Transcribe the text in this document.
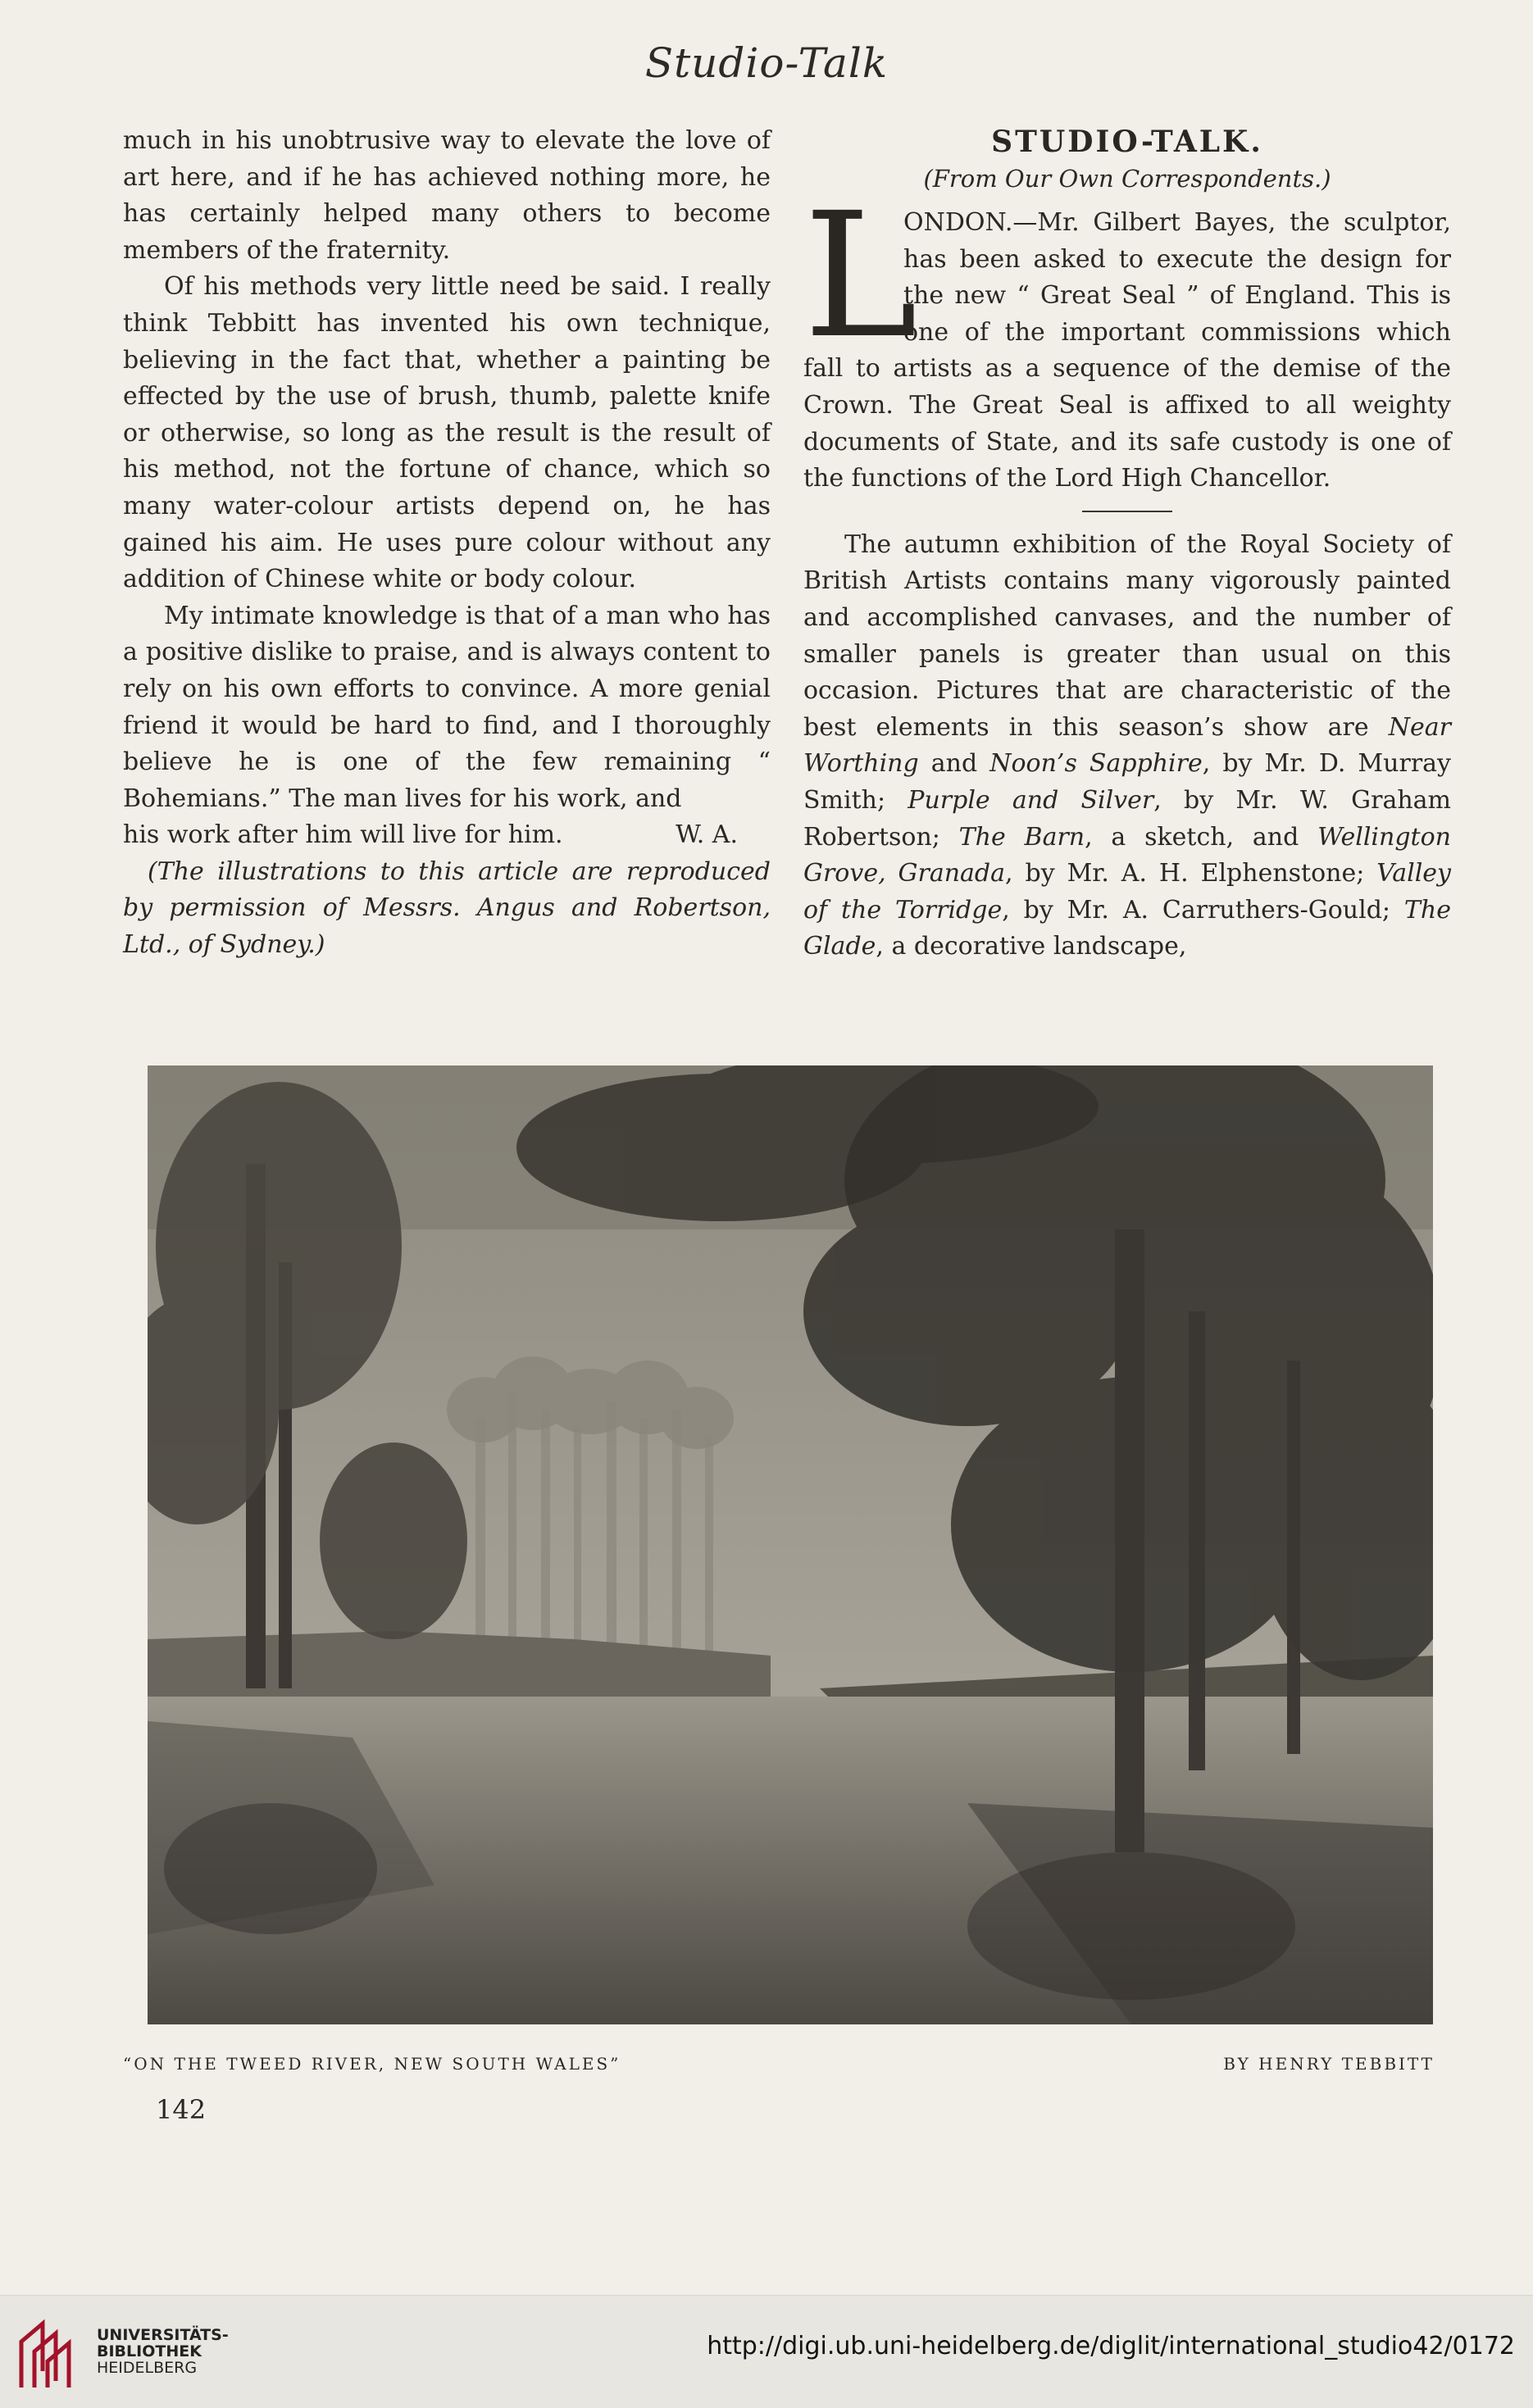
Studio-Talk

much in his unobtrusive way to elevate the love of art here, and if he has achieved nothing more, he has certainly helped many others to become members of the fraternity.

Of his methods very little need be said. I really think Tebbitt has invented his own technique, believing in the fact that, whether a painting be effected by the use of brush, thumb, palette knife or otherwise, so long as the result is the result of his method, not the fortune of chance, which so many water-colour artists depend on, he has gained his aim. He uses pure colour without any addition of Chinese white or body colour.

My intimate knowledge is that of a man who has a positive dislike to praise, and is always content to rely on his own efforts to convince. A more genial friend it would be hard to find, and I thoroughly believe he is one of the few remaining “ Bohemians.” The man lives for his work, and

his work after him will live for him.	W. A.

(The illustrations to this article are reproduced by permission of Messrs. Angus and Robertson, Ltd., of Sydney.)

STUDIO-TALK.

(From Our Own Correspondents.)

L
ONDON.—Mr. Gilbert Bayes, the sculptor, has been asked to execute the design for the new “ Great Seal ” of England. This is one of the important commissions which fall to artists as a sequence of the demise of the Crown. The Great Seal is affixed to all weighty documents of State, and its safe custody is one of the functions of the Lord High Chancellor.

The autumn exhibition of the Royal Society of British Artists contains many vigorously painted and accomplished canvases, and the number of smaller panels is greater than usual on this occasion. Pictures that are characteristic of the best elements in this season’s show are Near Worthing and Noon’s Sapphire, by Mr. D. Murray Smith; Purple and Silver, by Mr. W. Graham Robertson; The Barn, a sketch, and Wellington Grove, Granada, by Mr. A. H. Elphenstone; Valley of the Torridge, by Mr. A. Carruthers-Gould; The Glade, a decorative landscape,

“ON THE TWEED RIVER, NEW SOUTH WALES”	BY HENRY TEBBITT
142
UNIVERSITÄTS-
BIBLIOTHEK
HEIDELBERG
http://digi.ub.uni-heidelberg.de/diglit/international_studio42/0172
